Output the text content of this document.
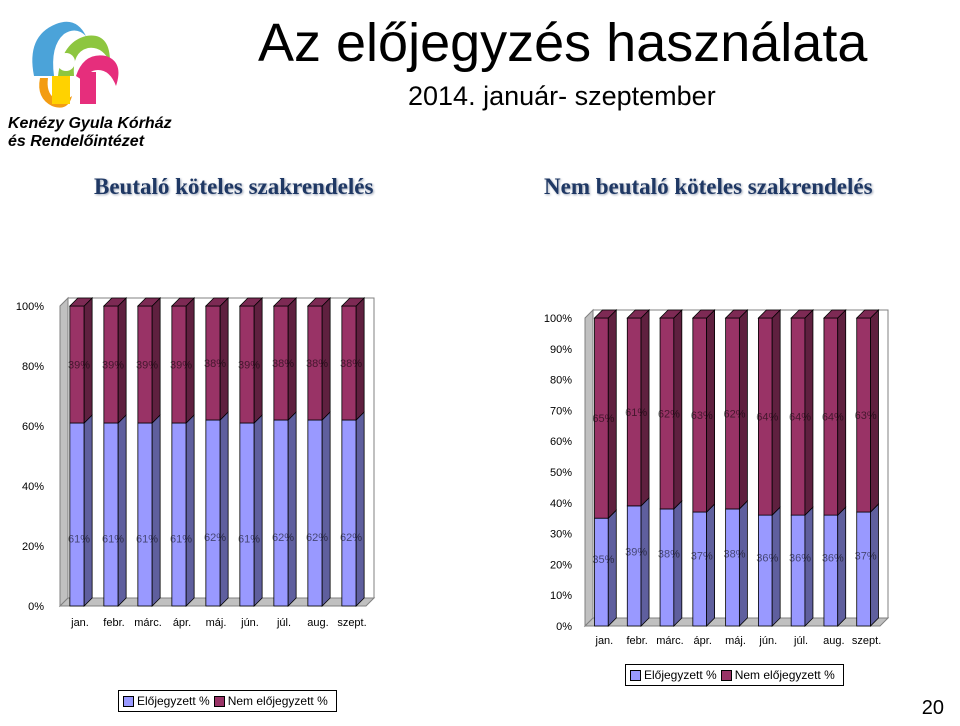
Kenézy Gyula Kórház
és Rendelőintézet
Az előjegyzés használata
2014. január- szeptember
Beutaló köteles szakrendelés	Nem beutaló köteles szakrendelés
0%
20%
40%
60%
80%
100%
61%
39%
jan.
61%
39%
febr.
61%
39%
márc.
61%
39%
ápr.
62%
38%
máj.
61%
39%
jún.
62%
38%
júl.
62%
38%
aug.
62%
38%
szept.
Előjegyzett % Nem előjegyzett %
0%
10%
20%
30%
40%
50%
60%
70%
80%
90%
100%
35%
65%
jan.
39%
61%
febr.
38%
62%
márc.
37%
63%
ápr.
38%
62%
máj.
36%
64%
jún.
36%
64%
júl.
36%
64%
aug.
37%
63%
szept.
Előjegyzett % Nem előjegyzett %
20
